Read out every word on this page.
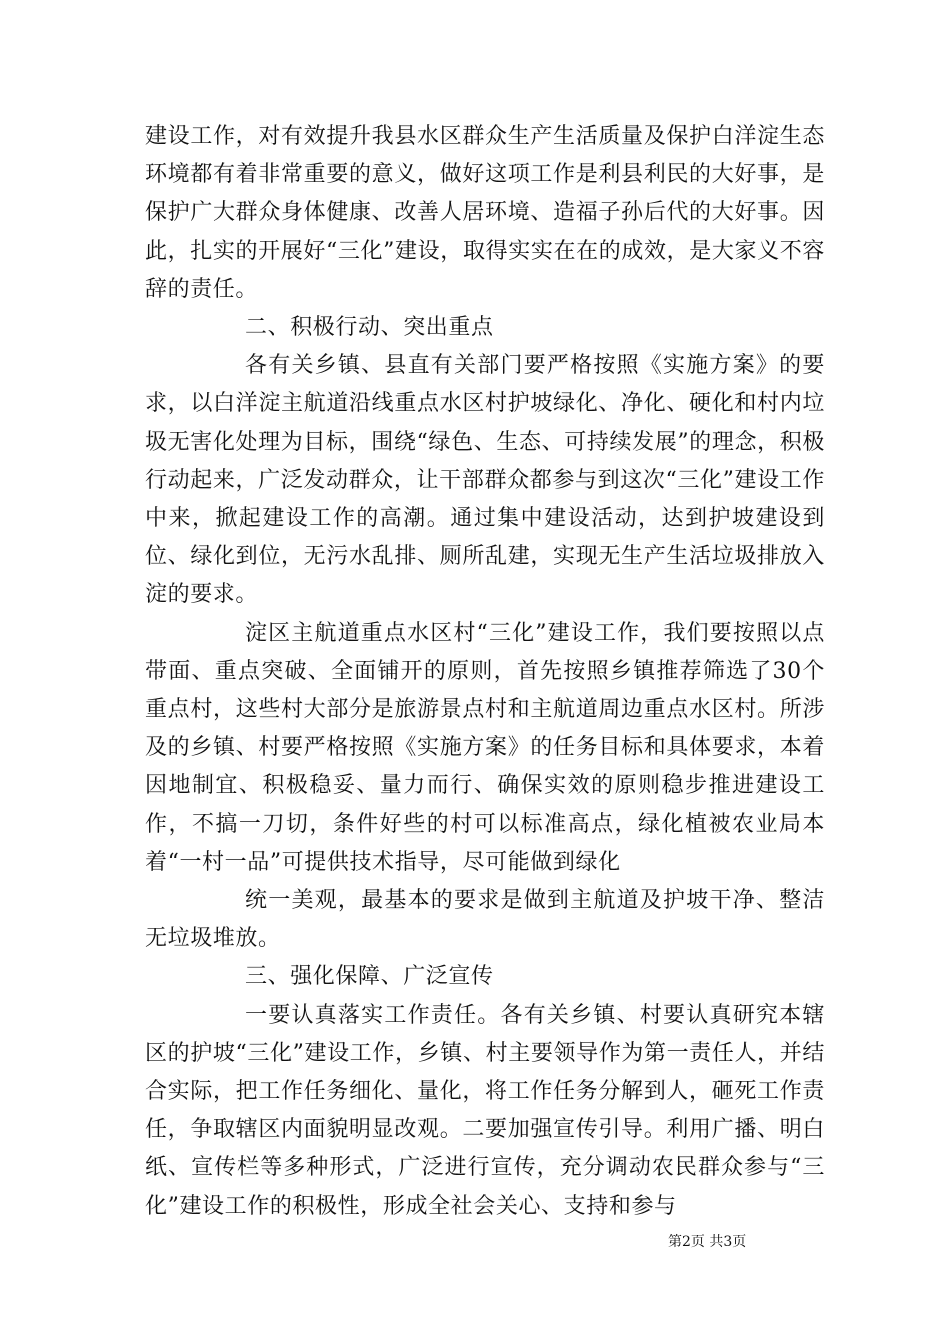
建设工作，对有效提升我县水区群众生产生活质量及保护白洋淀生态环境都有着非常重要的意义，做好这项工作是利县利民的大好事，是保护广大群众身体健康、改善人居环境、造福子孙后代的大好事。因此，扎实的开展好“三化”建设，取得实实在在的成效，是大家义不容辞的责任。

二、积极行动、突出重点

各有关乡镇、县直有关部门要严格按照《实施方案》的要求，以白洋淀主航道沿线重点水区村护坡绿化、净化、硬化和村内垃圾无害化处理为目标，围绕“绿色、生态、可持续发展”的理念，积极行动起来，广泛发动群众，让干部群众都参与到这次“三化”建设工作中来，掀起建设工作的高潮。通过集中建设活动，达到护坡建设到位、绿化到位，无污水乱排、厕所乱建，实现无生产生活垃圾排放入淀的要求。

淀区主航道重点水区村“三化”建设工作，我们要按照以点带面、重点突破、全面铺开的原则，首先按照乡镇推荐筛选了30个重点村，这些村大部分是旅游景点村和主航道周边重点水区村。所涉及的乡镇、村要严格按照《实施方案》的任务目标和具体要求，本着因地制宜、积极稳妥、量力而行、确保实效的原则稳步推进建设工作，不搞一刀切，条件好些的村可以标准高点，绿化植被农业局本着“一村一品”可提供技术指导，尽可能做到绿化

统一美观，最基本的要求是做到主航道及护坡干净、整洁无垃圾堆放。

三、强化保障、广泛宣传

一要认真落实工作责任。各有关乡镇、村要认真研究本辖区的护坡“三化”建设工作，乡镇、村主要领导作为第一责任人，并结合实际，把工作任务细化、量化，将工作任务分解到人，砸死工作责任，争取辖区内面貌明显改观。二要加强宣传引导。利用广播、明白纸、宣传栏等多种形式，广泛进行宣传，充分调动农民群众参与“三化”建设工作的积极性，形成全社会关心、支持和参与

第2页 共3页
